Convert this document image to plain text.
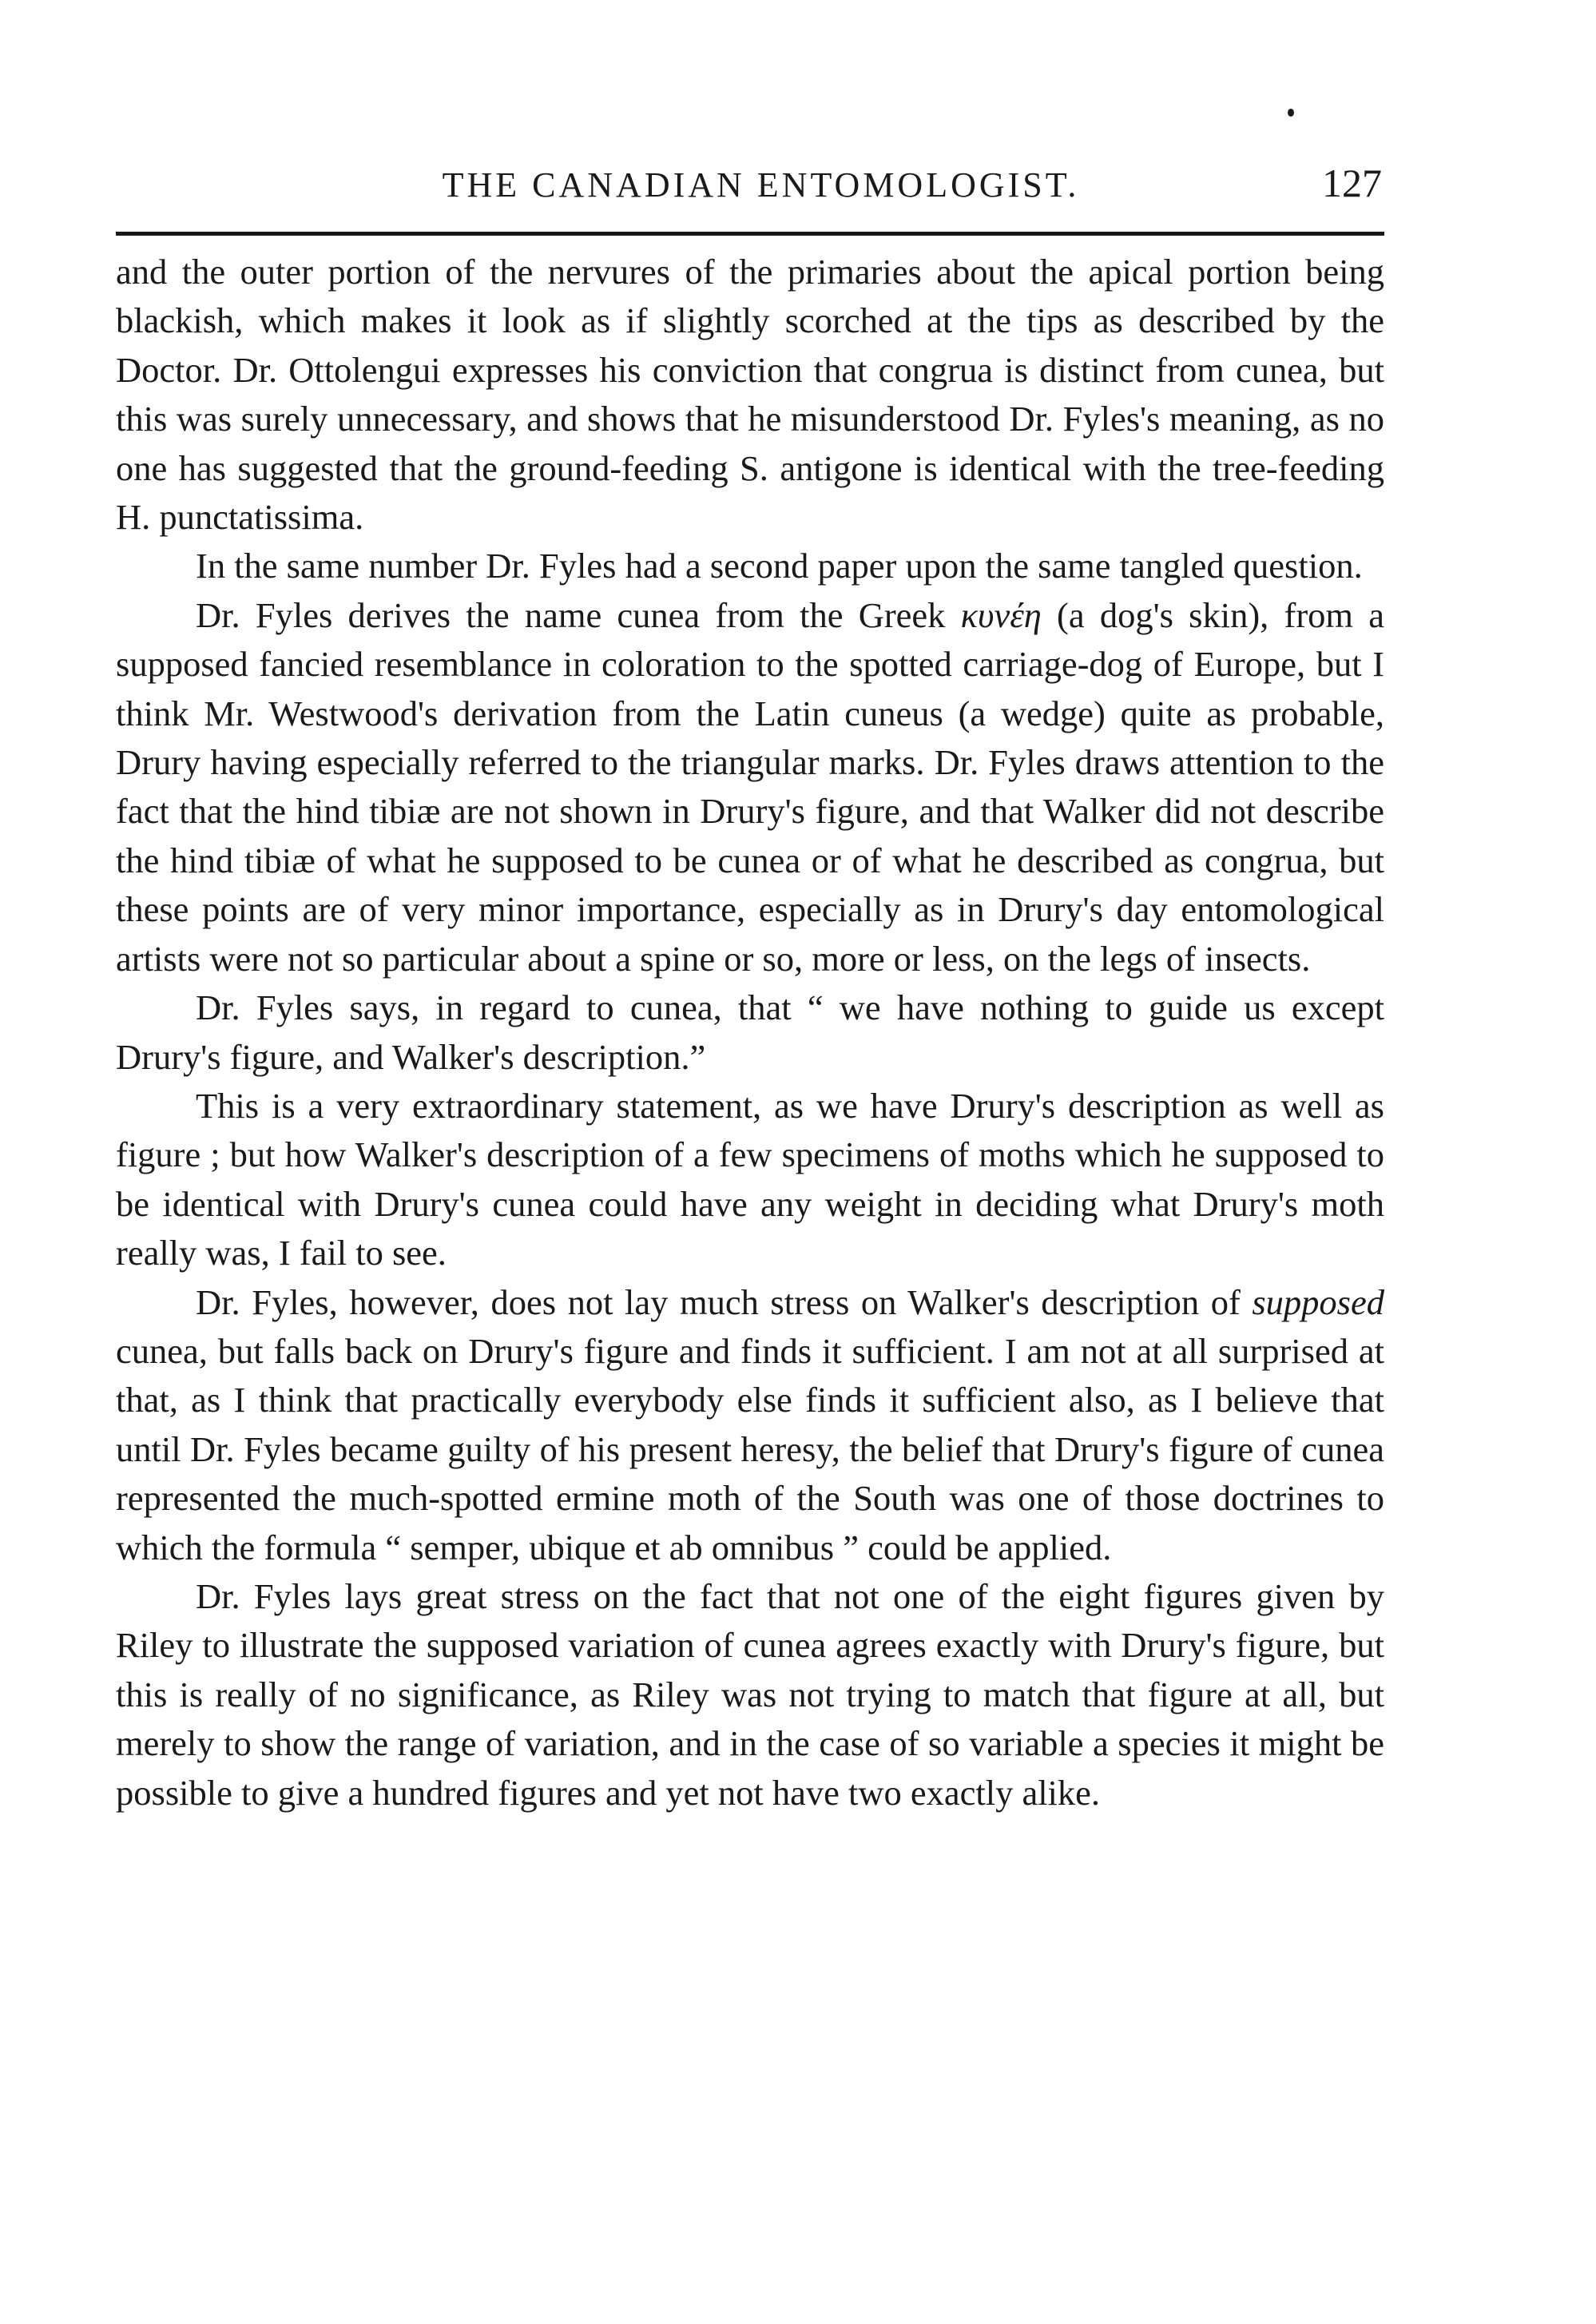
THE CANADIAN ENTOMOLOGIST.	127

and the outer portion of the nervures of the primaries about the apical portion being blackish, which makes it look as if slightly scorched at the tips as described by the Doctor. Dr. Ottolengui expresses his conviction that congrua is distinct from cunea, but this was surely unnecessary, and shows that he misunderstood Dr. Fyles's meaning, as no one has suggested that the ground-feeding S. antigone is identical with the tree-feeding H. punctatissima.

In the same number Dr. Fyles had a second paper upon the same tangled question.

Dr. Fyles derives the name cunea from the Greek κυνέη (a dog's skin), from a supposed fancied resemblance in coloration to the spotted carriage-dog of Europe, but I think Mr. Westwood's derivation from the Latin cuneus (a wedge) quite as probable, Drury having especially referred to the triangular marks. Dr. Fyles draws attention to the fact that the hind tibiæ are not shown in Drury's figure, and that Walker did not describe the hind tibiæ of what he supposed to be cunea or of what he described as congrua, but these points are of very minor importance, especially as in Drury's day entomological artists were not so particular about a spine or so, more or less, on the legs of insects.

Dr. Fyles says, in regard to cunea, that “ we have nothing to guide us except Drury's figure, and Walker's description.”

This is a very extraordinary statement, as we have Drury's description as well as figure ; but how Walker's description of a few specimens of moths which he supposed to be identical with Drury's cunea could have any weight in deciding what Drury's moth really was, I fail to see.

Dr. Fyles, however, does not lay much stress on Walker's description of supposed cunea, but falls back on Drury's figure and finds it sufficient. I am not at all surprised at that, as I think that practically everybody else finds it sufficient also, as I believe that until Dr. Fyles became guilty of his present heresy, the belief that Drury's figure of cunea represented the much-spotted ermine moth of the South was one of those doctrines to which the formula “ semper, ubique et ab omnibus ” could be applied.

Dr. Fyles lays great stress on the fact that not one of the eight figures given by Riley to illustrate the supposed variation of cunea agrees exactly with Drury's figure, but this is really of no significance, as Riley was not trying to match that figure at all, but merely to show the range of variation, and in the case of so variable a species it might be possible to give a hundred figures and yet not have two exactly alike.
